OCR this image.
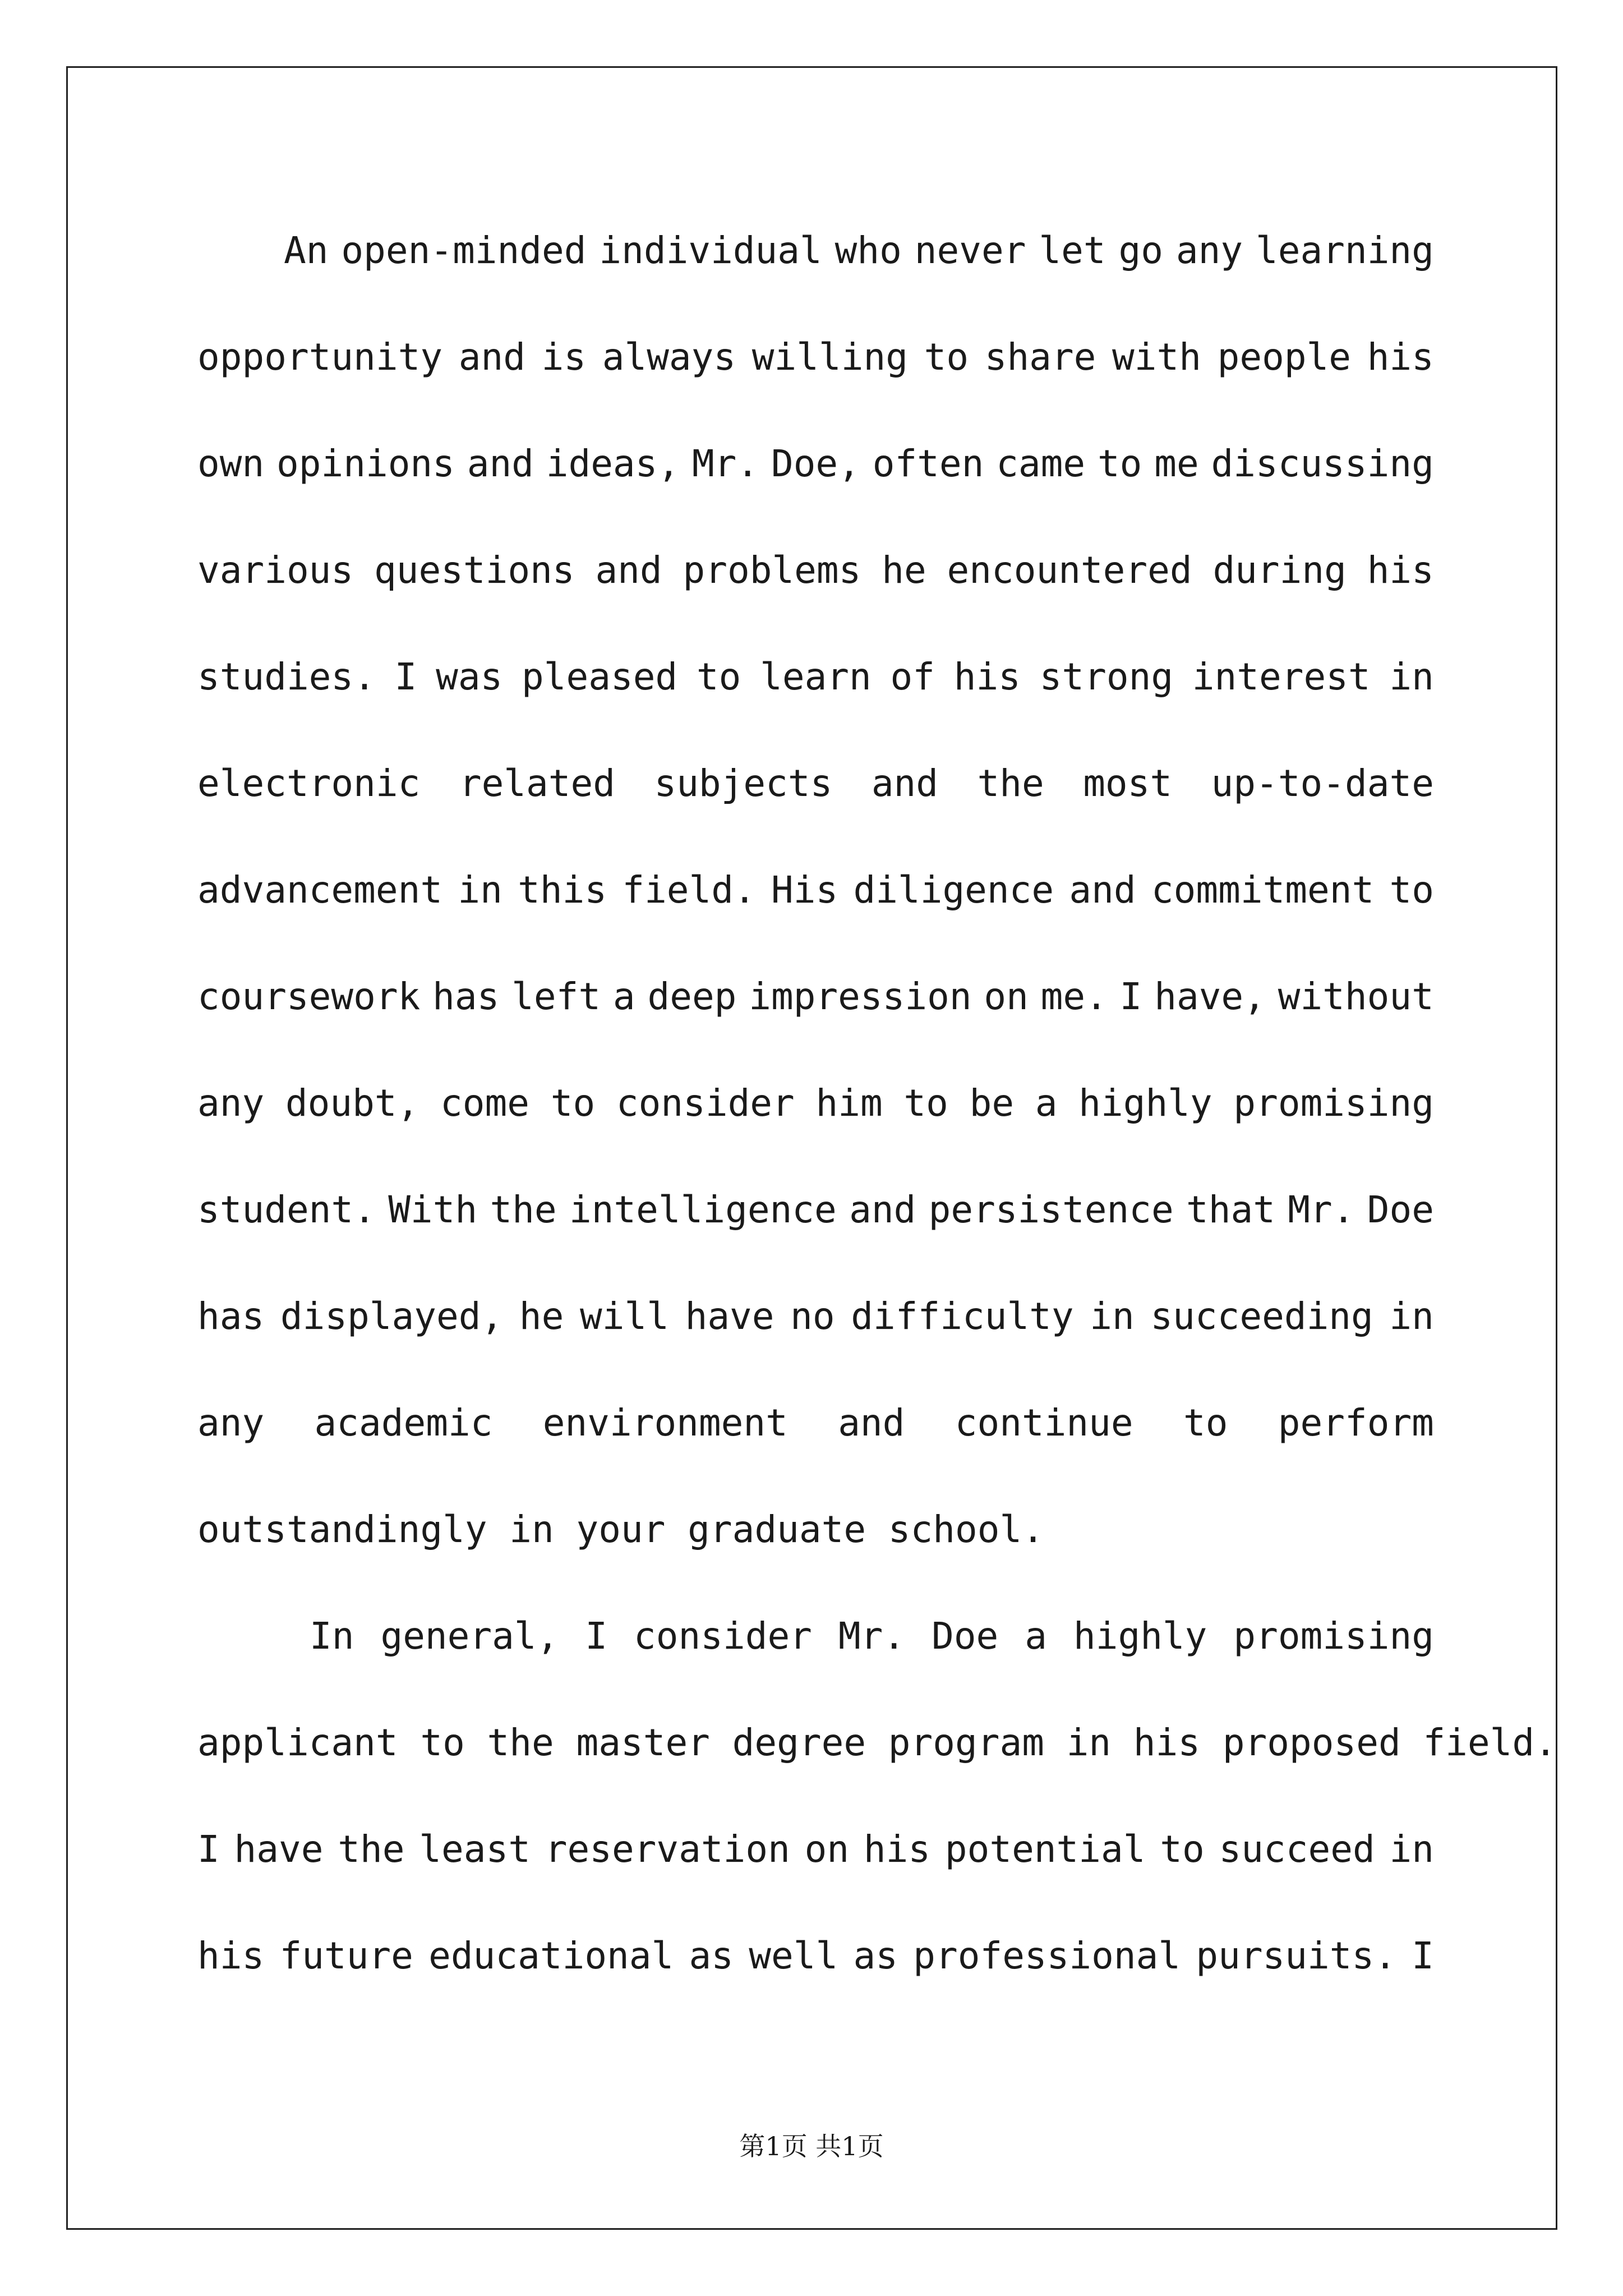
An open-minded individual who never let go any learning
opportunity and is always willing to share with people his
own opinions and ideas, Mr. Doe, often came to me discussing
various questions and problems he encountered during his
studies. I was pleased to learn of his strong interest in
electronic related subjects and the most up-to-date
advancement in this field. His diligence and commitment to
coursework has left a deep impression on me. I have, without
any doubt, come to consider him to be a highly promising
student. With the intelligence and persistence that Mr. Doe
has displayed, he will have no difficulty in succeeding in
any academic environment and continue to perform
outstandingly in your graduate school.
In general, I consider Mr. Doe a highly promising
applicant to the master degree program in his proposed field.
I have the least reservation on his potential to succeed in
his future educational as well as professional pursuits. I
第1页 共1页
